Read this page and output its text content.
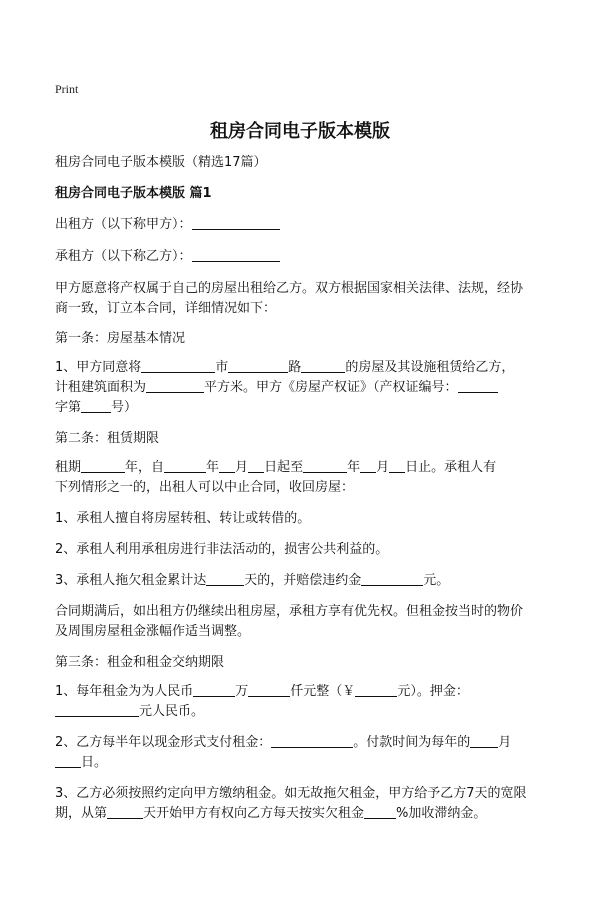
Print
租房合同电子版本模版
租房合同电子版本模版（精选17篇）
租房合同电子版本模版 篇1
出租方（以下称甲方）：
承租方（以下称乙方）：
甲方愿意将产权属于自己的房屋出租给乙方。双方根据国家相关法律、法规，经协
商一致，订立本合同，详细情况如下：
第一条：房屋基本情况
1、甲方同意将	市	路	的房屋及其设施租赁给乙方，
计租建筑面积为	平方米。甲方《房屋产权证》（产权证编号：
字第 号）
第二条：租赁期限
租期	年，自	年 月 日起至	年 月 日止。承租人有
下列情形之一的，出租人可以中止合同，收回房屋：
1、承租人擅自将房屋转租、转让或转借的。
2、承租人利用承租房进行非法活动的，损害公共利益的。
3、承租人拖欠租金累计达	天的，并赔偿违约金	元。
合同期满后，如出租方仍继续出租房屋，承租方享有优先权。但租金按当时的物价
及周围房屋租金涨幅作适当调整。
第三条：租金和租金交纳期限
1、每年租金为为人民币	万	仟元整（￥	元）。押金：
元人民币。
2、乙方每半年以现金形式支付租金：	。付款时间为每年的 月
日。
3、乙方必须按照约定向甲方缴纳租金。如无故拖欠租金，甲方给予乙方7天的宽限
期，从第	天开始甲方有权向乙方每天按实欠租金 %加收滞纳金。
